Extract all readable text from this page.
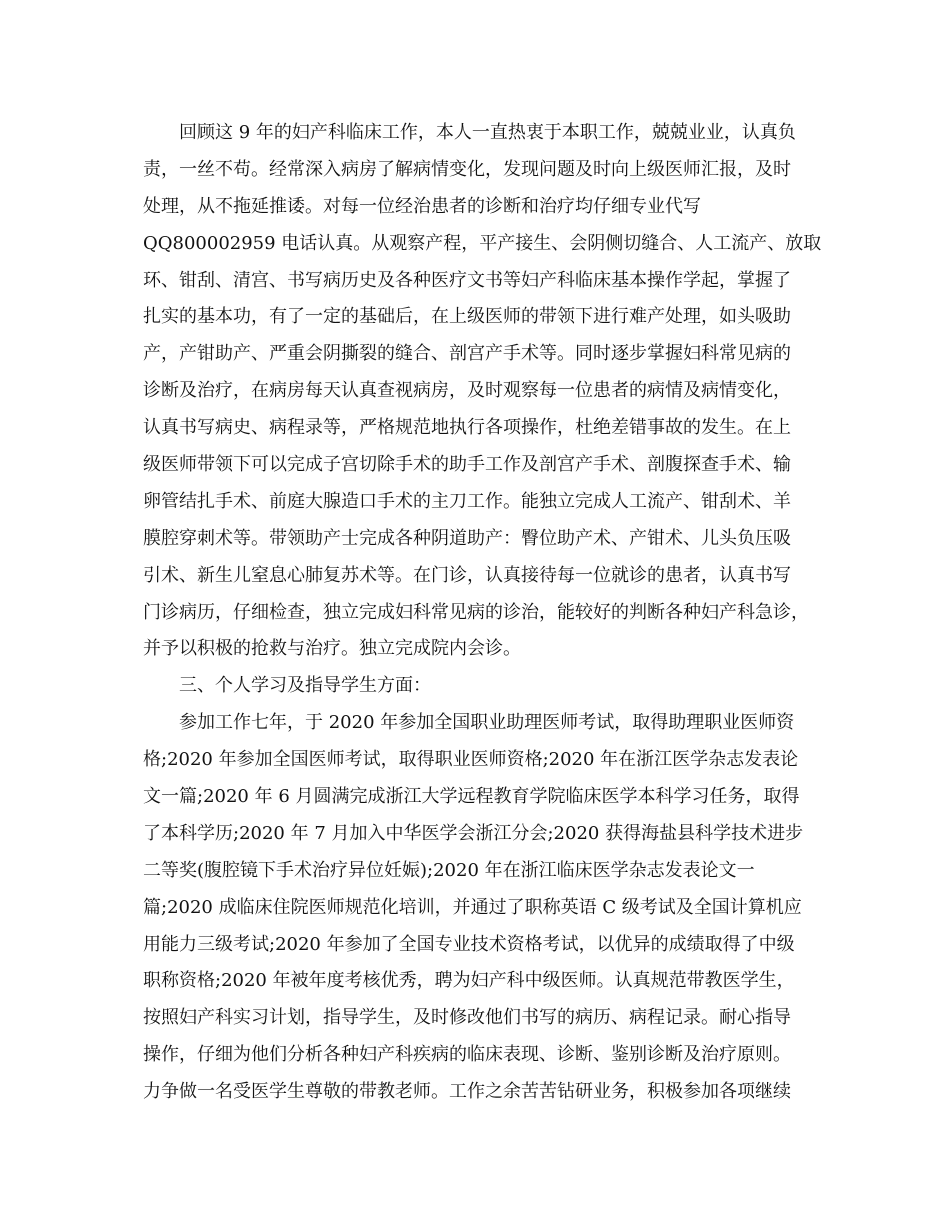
回顾这 9 年的妇产科临床工作，本人一直热衷于本职工作，兢兢业业，认真负
责，一丝不苟。经常深入病房了解病情变化，发现问题及时向上级医师汇报，及时
处理，从不拖延推诿。对每一位经治患者的诊断和治疗均仔细专业代写
QQ800002959 电话认真。从观察产程，平产接生、会阴侧切缝合、人工流产、放取
环、钳刮、清宫、书写病历史及各种医疗文书等妇产科临床基本操作学起，掌握了
扎实的基本功，有了一定的基础后，在上级医师的带领下进行难产处理，如头吸助
产，产钳助产、严重会阴撕裂的缝合、剖宫产手术等。同时逐步掌握妇科常见病的
诊断及治疗，在病房每天认真查视病房，及时观察每一位患者的病情及病情变化，
认真书写病史、病程录等，严格规范地执行各项操作，杜绝差错事故的发生。在上
级医师带领下可以完成子宫切除手术的助手工作及剖宫产手术、剖腹探查手术、输
卵管结扎手术、前庭大腺造口手术的主刀工作。能独立完成人工流产、钳刮术、羊
膜腔穿刺术等。带领助产士完成各种阴道助产：臀位助产术、产钳术、儿头负压吸
引术、新生儿窒息心肺复苏术等。在门诊，认真接待每一位就诊的患者，认真书写
门诊病历，仔细检查，独立完成妇科常见病的诊治，能较好的判断各种妇产科急诊，
并予以积极的抢救与治疗。独立完成院内会诊。
三、个人学习及指导学生方面：
参加工作七年，于 2020 年参加全国职业助理医师考试，取得助理职业医师资
格;2020 年参加全国医师考试，取得职业医师资格;2020 年在浙江医学杂志发表论
文一篇;2020 年 6 月圆满完成浙江大学远程教育学院临床医学本科学习任务，取得
了本科学历;2020 年 7 月加入中华医学会浙江分会;2020 获得海盐县科学技术进步
二等奖(腹腔镜下手术治疗异位妊娠);2020 年在浙江临床医学杂志发表论文一
篇;2020 成临床住院医师规范化培训，并通过了职称英语 C 级考试及全国计算机应
用能力三级考试;2020 年参加了全国专业技术资格考试，以优异的成绩取得了中级
职称资格;2020 年被年度考核优秀，聘为妇产科中级医师。认真规范带教医学生，
按照妇产科实习计划，指导学生，及时修改他们书写的病历、病程记录。耐心指导
操作，仔细为他们分析各种妇产科疾病的临床表现、诊断、鉴别诊断及治疗原则。
力争做一名受医学生尊敬的带教老师。工作之余苦苦钻研业务，积极参加各项继续
